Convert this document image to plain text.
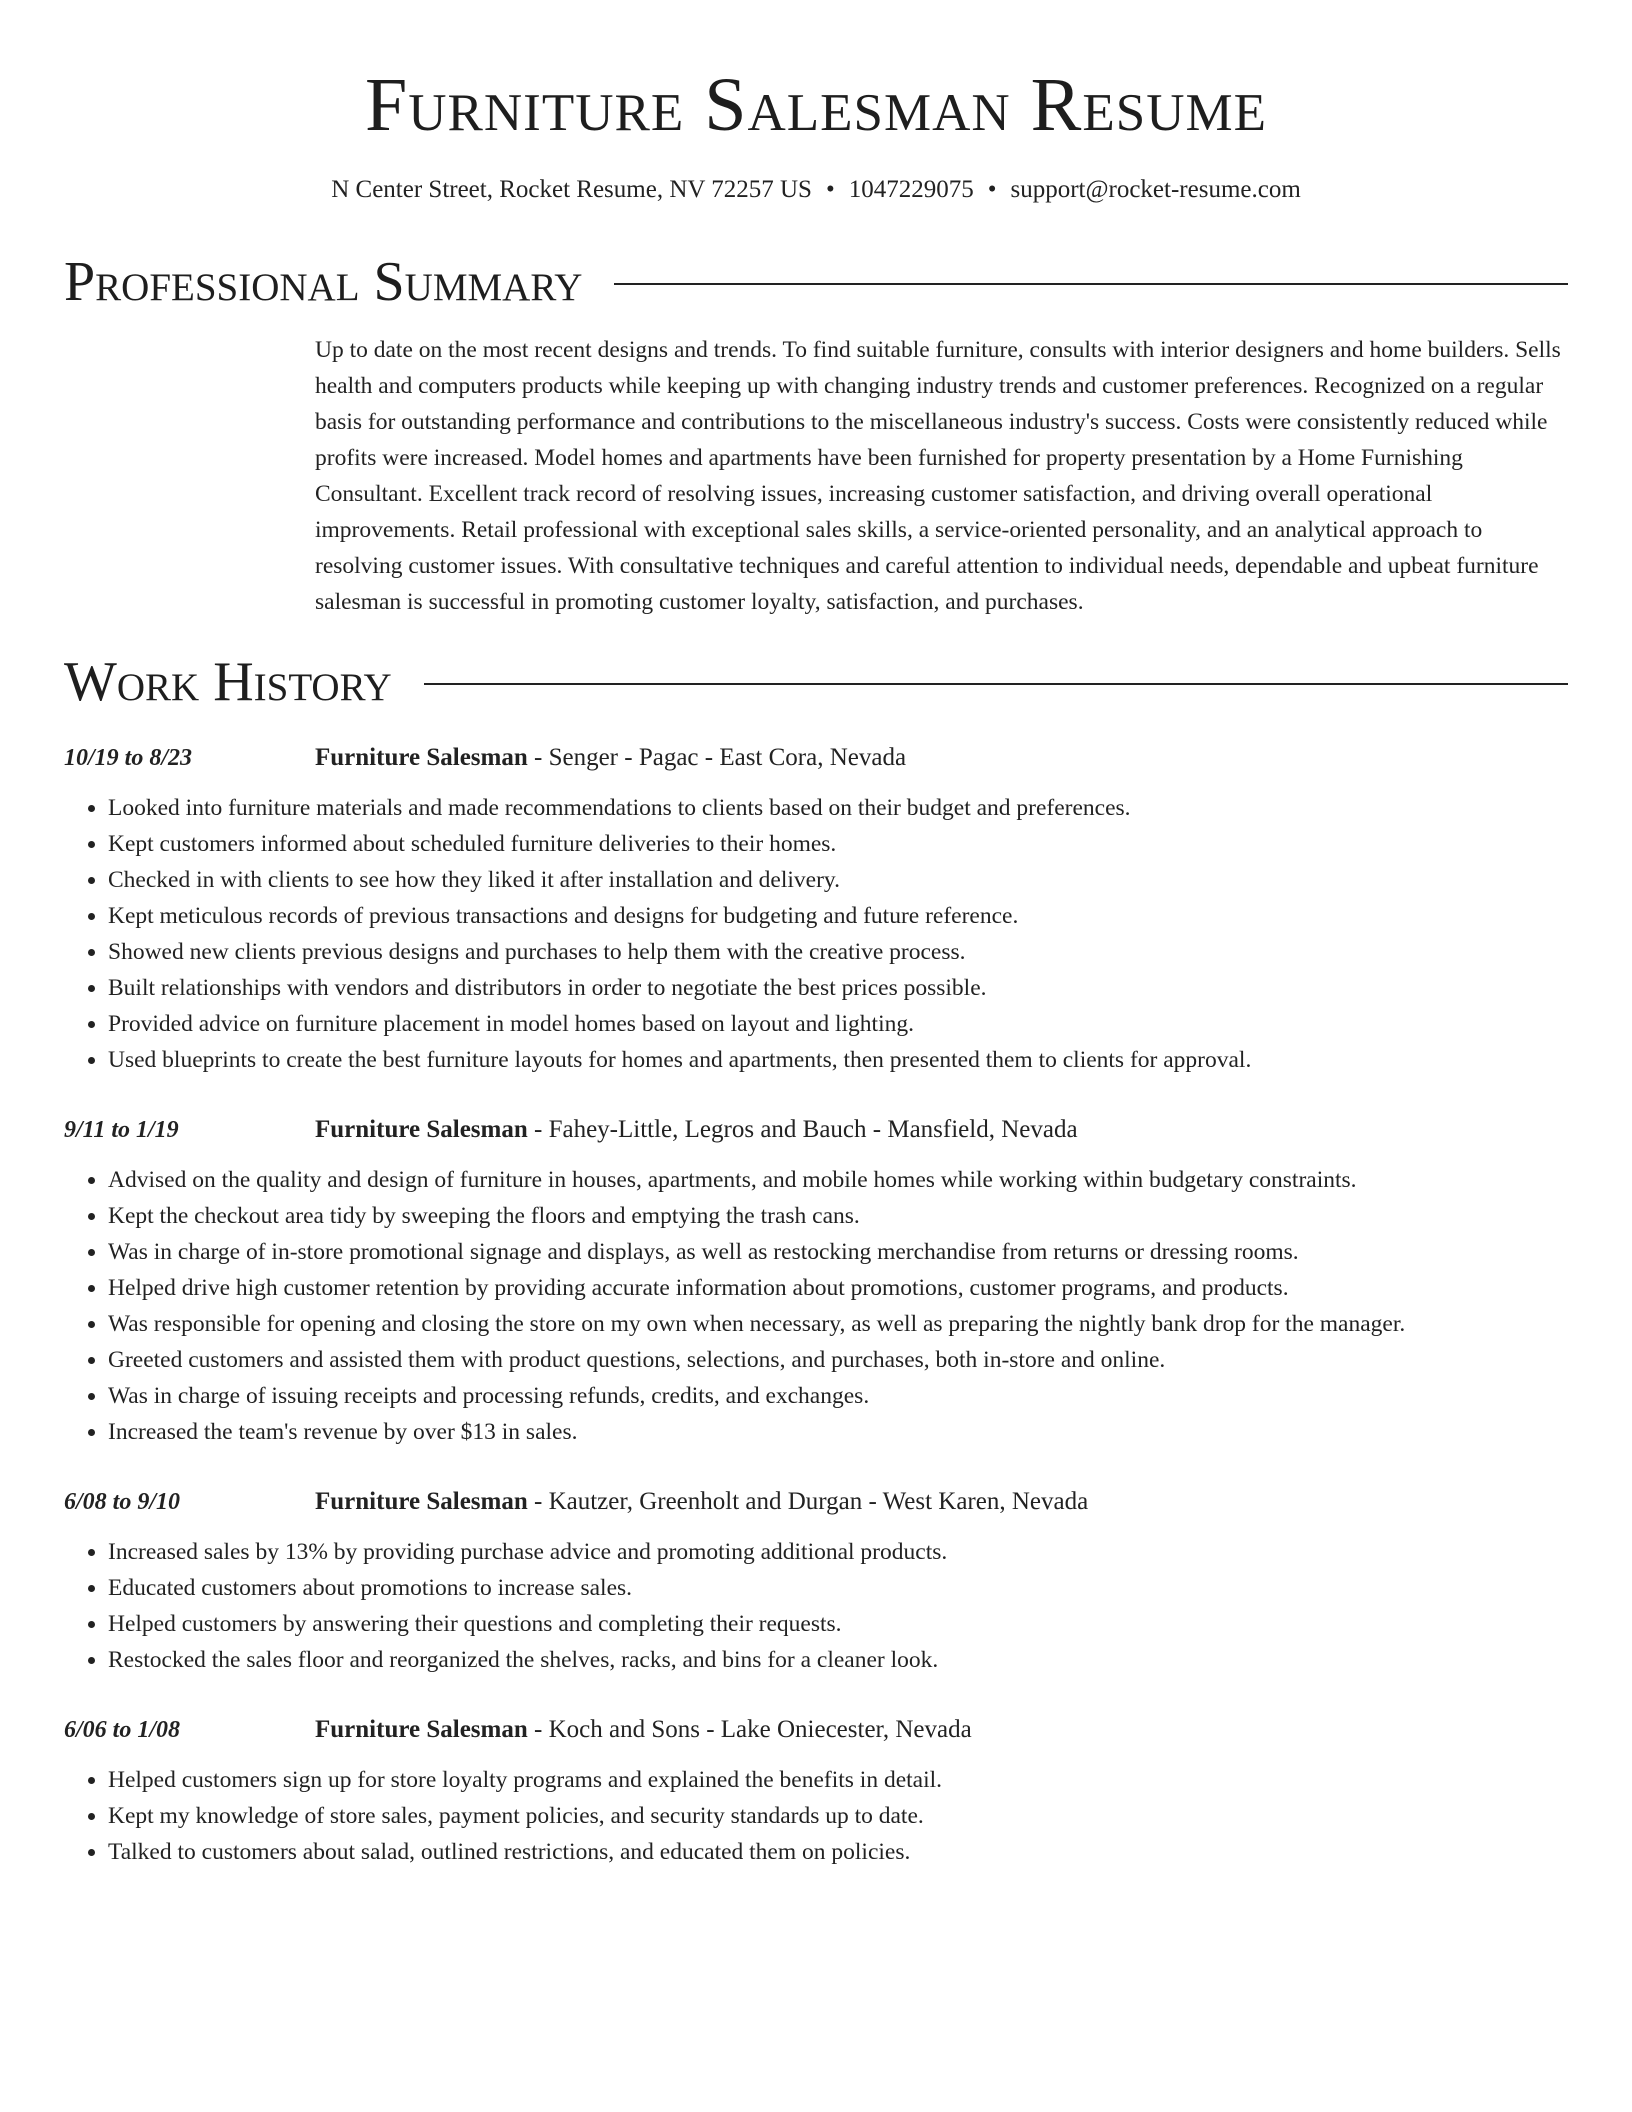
Furniture Salesman Resume
N Center Street, Rocket Resume, NV 72257 US • 1047229075 • support@rocket-resume.com
Professional Summary

Up to date on the most recent designs and trends. To find suitable furniture, consults with interior designers and home builders. Sells health and computers products while keeping up with changing industry trends and customer preferences. Recognized on a regular basis for outstanding performance and contributions to the miscellaneous industry's success. Costs were consistently reduced while profits were increased. Model homes and apartments have been furnished for property presentation by a Home Furnishing Consultant. Excellent track record of resolving issues, increasing customer satisfaction, and driving overall operational improvements. Retail professional with exceptional sales skills, a service-oriented personality, and an analytical approach to resolving customer issues. With consultative techniques and careful attention to individual needs, dependable and upbeat furniture salesman is successful in promoting customer loyalty, satisfaction, and purchases.

Work History
10/19 to 8/23	Furniture Salesman - Senger - Pagac - East Cora, Nevada
• Looked into furniture materials and made recommendations to clients based on their budget and preferences.
• Kept customers informed about scheduled furniture deliveries to their homes.
• Checked in with clients to see how they liked it after installation and delivery.
• Kept meticulous records of previous transactions and designs for budgeting and future reference.
• Showed new clients previous designs and purchases to help them with the creative process.
• Built relationships with vendors and distributors in order to negotiate the best prices possible.
• Provided advice on furniture placement in model homes based on layout and lighting.
• Used blueprints to create the best furniture layouts for homes and apartments, then presented them to clients for approval.
9/11 to 1/19	Furniture Salesman - Fahey-Little, Legros and Bauch - Mansfield, Nevada
• Advised on the quality and design of furniture in houses, apartments, and mobile homes while working within budgetary constraints.
• Kept the checkout area tidy by sweeping the floors and emptying the trash cans.
• Was in charge of in-store promotional signage and displays, as well as restocking merchandise from returns or dressing rooms.
• Helped drive high customer retention by providing accurate information about promotions, customer programs, and products.
• Was responsible for opening and closing the store on my own when necessary, as well as preparing the nightly bank drop for the manager.
• Greeted customers and assisted them with product questions, selections, and purchases, both in-store and online.
• Was in charge of issuing receipts and processing refunds, credits, and exchanges.
• Increased the team's revenue by over $13 in sales.
6/08 to 9/10	Furniture Salesman - Kautzer, Greenholt and Durgan - West Karen, Nevada
• Increased sales by 13% by providing purchase advice and promoting additional products.
• Educated customers about promotions to increase sales.
• Helped customers by answering their questions and completing their requests.
• Restocked the sales floor and reorganized the shelves, racks, and bins for a cleaner look.
6/06 to 1/08	Furniture Salesman - Koch and Sons - Lake Oniecester, Nevada
• Helped customers sign up for store loyalty programs and explained the benefits in detail.
• Kept my knowledge of store sales, payment policies, and security standards up to date.
• Talked to customers about salad, outlined restrictions, and educated them on policies.
